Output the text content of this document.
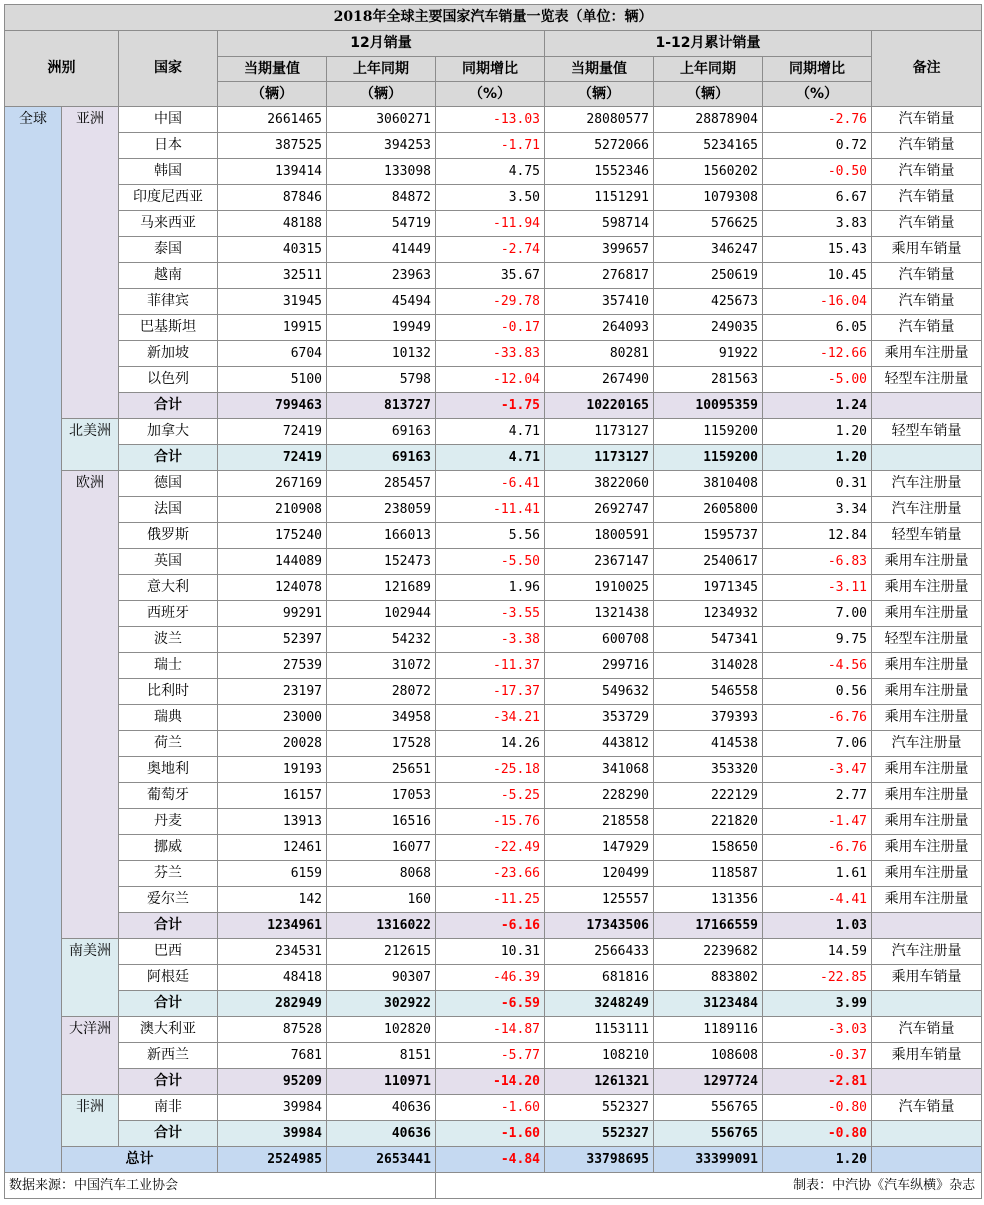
2018年全球主要国家汽车销量一览表（单位：辆）									
洲别		国家	12月销量			1-12月累计销量			备注
			当期量值	上年同期	同期增比	当期量值	上年同期	同期增比	
			（辆）	（辆）	（%）	（辆）	（辆）	（%）	
全球	亚洲	中国	2661465	3060271	-13.03	28080577	28878904	-2.76	汽车销量
		日本	387525	394253	-1.71	5272066	5234165	0.72	汽车销量
		韩国	139414	133098	4.75	1552346	1560202	-0.50	汽车销量
		印度尼西亚	87846	84872	3.50	1151291	1079308	6.67	汽车销量
		马来西亚	48188	54719	-11.94	598714	576625	3.83	汽车销量
		泰国	40315	41449	-2.74	399657	346247	15.43	乘用车销量
		越南	32511	23963	35.67	276817	250619	10.45	汽车销量
		菲律宾	31945	45494	-29.78	357410	425673	-16.04	汽车销量
		巴基斯坦	19915	19949	-0.17	264093	249035	6.05	汽车销量
		新加坡	6704	10132	-33.83	80281	91922	-12.66	乘用车注册量
		以色列	5100	5798	-12.04	267490	281563	-5.00	轻型车注册量
		合计	799463	813727	-1.75	10220165	10095359	1.24	
	北美洲	加拿大	72419	69163	4.71	1173127	1159200	1.20	轻型车销量
		合计	72419	69163	4.71	1173127	1159200	1.20	
	欧洲	德国	267169	285457	-6.41	3822060	3810408	0.31	汽车注册量
		法国	210908	238059	-11.41	2692747	2605800	3.34	汽车注册量
		俄罗斯	175240	166013	5.56	1800591	1595737	12.84	轻型车销量
		英国	144089	152473	-5.50	2367147	2540617	-6.83	乘用车注册量
		意大利	124078	121689	1.96	1910025	1971345	-3.11	乘用车注册量
		西班牙	99291	102944	-3.55	1321438	1234932	7.00	乘用车注册量
		波兰	52397	54232	-3.38	600708	547341	9.75	轻型车注册量
		瑞士	27539	31072	-11.37	299716	314028	-4.56	乘用车注册量
		比利时	23197	28072	-17.37	549632	546558	0.56	乘用车注册量
		瑞典	23000	34958	-34.21	353729	379393	-6.76	乘用车注册量
		荷兰	20028	17528	14.26	443812	414538	7.06	汽车注册量
		奥地利	19193	25651	-25.18	341068	353320	-3.47	乘用车注册量
		葡萄牙	16157	17053	-5.25	228290	222129	2.77	乘用车注册量
		丹麦	13913	16516	-15.76	218558	221820	-1.47	乘用车注册量
		挪威	12461	16077	-22.49	147929	158650	-6.76	乘用车注册量
		芬兰	6159	8068	-23.66	120499	118587	1.61	乘用车注册量
		爱尔兰	142	160	-11.25	125557	131356	-4.41	乘用车注册量
		合计	1234961	1316022	-6.16	17343506	17166559	1.03	
	南美洲	巴西	234531	212615	10.31	2566433	2239682	14.59	汽车注册量
		阿根廷	48418	90307	-46.39	681816	883802	-22.85	乘用车销量
		合计	282949	302922	-6.59	3248249	3123484	3.99	
	大洋洲	澳大利亚	87528	102820	-14.87	1153111	1189116	-3.03	汽车销量
		新西兰	7681	8151	-5.77	108210	108608	-0.37	乘用车销量
		合计	95209	110971	-14.20	1261321	1297724	-2.81	
	非洲	南非	39984	40636	-1.60	552327	556765	-0.80	汽车销量
		合计	39984	40636	-1.60	552327	556765	-0.80	
	总计		2524985	2653441	-4.84	33798695	33399091	1.20	
数据来源：中国汽车工业协会					制表：中汽协《汽车纵横》杂志				
